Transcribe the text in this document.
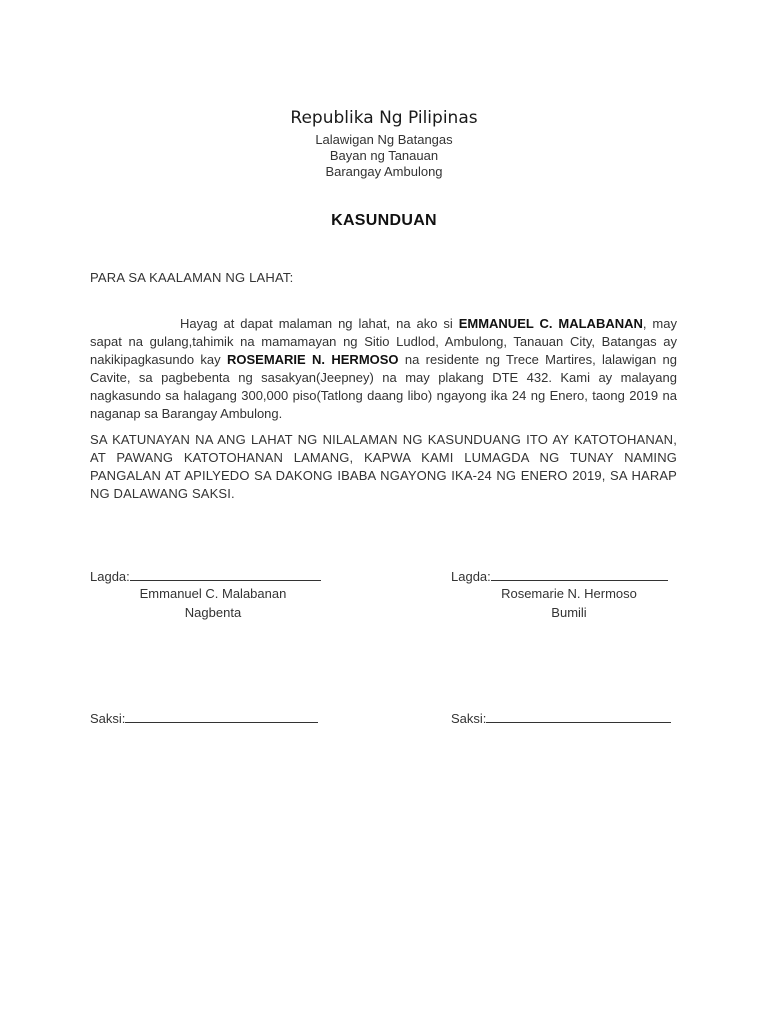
Republika Ng Pilipinas
Lalawigan Ng Batangas
Bayan ng Tanauan
Barangay Ambulong
KASUNDUAN
PARA SA KAALAMAN NG LAHAT:
Hayag at dapat malaman ng lahat, na ako si EMMANUEL C. MALABANAN, may sapat na gulang,tahimik na mamamayan ng Sitio Ludlod, Ambulong, Tanauan City, Batangas ay nakikipagkasundo kay ROSEMARIE N. HERMOSO na residente ng Trece Martires, lalawigan ng Cavite, sa pagbebenta ng sasakyan(Jeepney) na may plakang DTE 432. Kami ay malayang nagkasundo sa halagang 300,000 piso(Tatlong daang libo) ngayong ika 24 ng Enero, taong 2019 na naganap sa Barangay Ambulong.
SA KATUNAYAN NA ANG LAHAT NG NILALAMAN NG KASUNDUANG ITO AY KATOTOHANAN, AT PAWANG KATOTOHANAN LAMANG, KAPWA KAMI LUMAGDA NG TUNAY NAMING PANGALAN AT APILYEDO SA DAKONG IBABA NGAYONG IKA-24 NG ENERO 2019, SA HARAP NG DALAWANG SAKSI.
Lagda:
Emmanuel C. Malabanan
Nagbenta
Lagda:
Rosemarie N. Hermoso
Bumili
Saksi:	Saksi:
